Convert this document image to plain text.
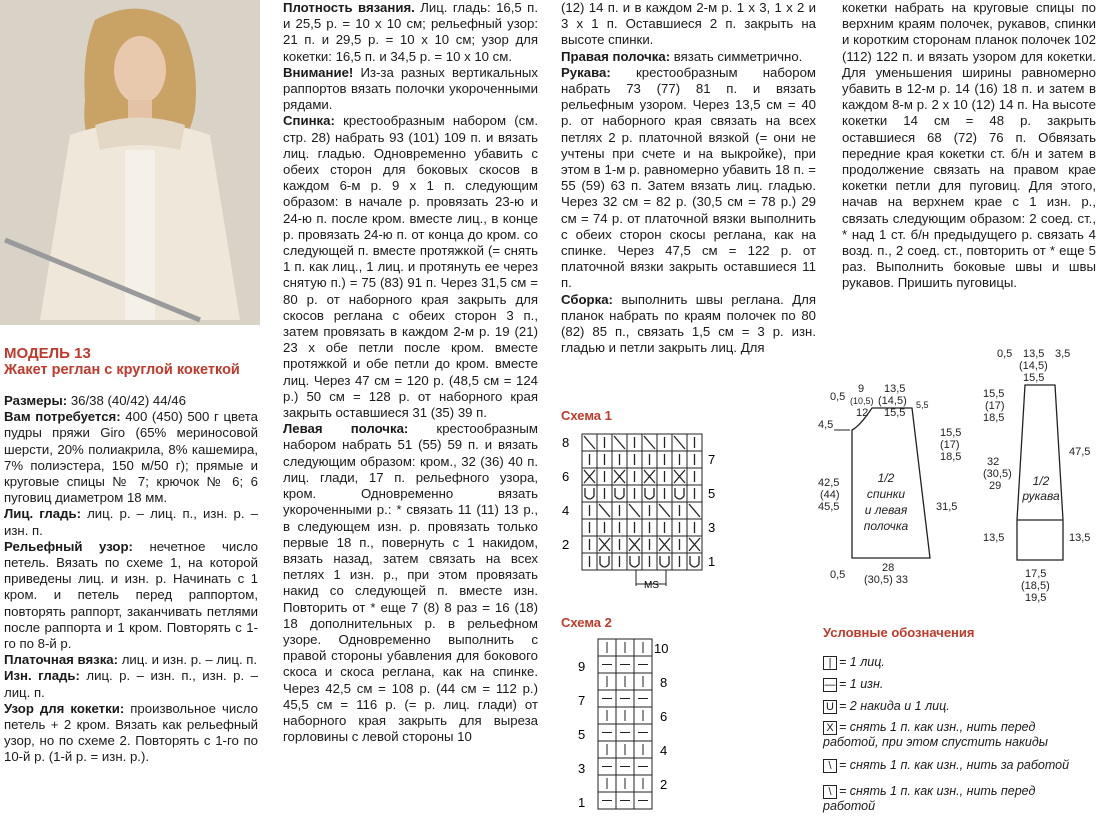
МОДЕЛЬ 13
Жакет реглан с круглой кокеткой

Размеры: 36/38 (40/42) 44/46

Вам потребуется: 400 (450) 500 г цвета пудры пряжи Giro (65% мериносовой шерсти, 20% полиакрила, 8% кашемира, 7% полиэстера, 150 м/50 г); прямые и круговые спицы № 7; крючок № 6; 6 пуговиц диаметром 18 мм.

Лиц. гладь: лиц. р. – лиц. п., изн. р. – изн. п.

Рельефный узор: нечетное число петель. Вязать по схеме 1, на которой приведены лиц. и изн. р. Начинать с 1 кром. и петель перед раппортом, повторять раппорт, заканчивать петлями после раппорта и 1 кром. Повторять с 1-го по 8-й р.

Платочная вязка: лиц. и изн. р. – лиц. п.

Изн. гладь: лиц. р. – изн. п., изн. р. – лиц. п.

Узор для кокетки: произвольное число петель + 2 кром. Вязать как рельефный узор, но по схеме 2. Повторять с 1-го по 10-й р. (1-й р. = изн. р.).

Плотность вязания. Лиц. гладь: 16,5 п. и 25,5 р. = 10 х 10 см; рельефный узор: 21 п. и 29,5 р. = 10 х 10 см; узор для кокетки: 16,5 п. и 34,5 р. = 10 х 10 см.

Внимание! Из-за разных вертикальных раппортов вязать полочки укороченными рядами.

Спинка: крестообразным набором (см. стр. 28) набрать 93 (101) 109 п. и вязать лиц. гладью. Одновременно убавить с обеих сторон для боковых скосов в каждом 6-м р. 9 х 1 п. следующим образом: в начале р. провязать 23-ю и 24-ю п. после кром. вместе лиц., в конце р. провязать 24-ю п. от конца до кром. со следующей п. вместе протяжкой (= снять 1 п. как лиц., 1 лиц. и протянуть ее через снятую п.) = 75 (83) 91 п. Через 31,5 см = 80 р. от наборного края закрыть для скосов реглана с обеих сторон 3 п., затем провязать в каждом 2-м р. 19 (21) 23 х обе петли после кром. вместе протяжкой и обе петли до кром. вместе лиц. Через 47 см = 120 р. (48,5 см = 124 р.) 50 см = 128 р. от наборного края закрыть оставшиеся 31 (35) 39 п.

Левая полочка: крестообразным набором набрать 51 (55) 59 п. и вязать следующим образом: кром., 32 (36) 40 п. лиц. глади, 17 п. рельефного узора, кром. Одновременно вязать укороченными р.: * связать 11 (11) 13 р., в следующем изн. р. провязать только первые 18 п., повернуть с 1 накидом, вязать назад, затем связать на всех петлях 1 изн. р., при этом провязать накид со следующей п. вместе изн. Повторить от * еще 7 (8) 8 раз = 16 (18) 18 дополнительных р. в рельефном узоре. Одновременно выполнить с правой стороны убавления для бокового скоса и скоса реглана, как на спинке. Через 42,5 см = 108 р. (44 см = 112 р.) 45,5 см = 116 р. (= р. лиц. глади) от наборного края закрыть для выреза горловины с левой стороны 10

(12) 14 п. и в каждом 2-м р. 1 х 3, 1 х 2 и 3 х 1 п. Оставшиеся 2 п. закрыть на высоте спинки.

Правая полочка: вязать симметрично.

Рукава: крестообразным набором набрать 73 (77) 81 п. и вязать рельефным узором. Через 13,5 см = 40 р. от наборного края связать на всех петлях 2 р. платочной вязкой (= они не учтены при счете и на выкройке), при этом в 1-м р. равномерно убавить 18 п. = 55 (59) 63 п. Затем вязать лиц. гладью. Через 32 см = 82 р. (30,5 см = 78 р.) 29 см = 74 р. от платочной вязки выполнить с обеих сторон скосы реглана, как на спинке. Через 47,5 см = 122 р. от платочной вязки закрыть оставшиеся 11 п.

Сборка: выполнить швы реглана. Для планок набрать по краям полочек по 80 (82) 85 п., связать 1,5 см = 3 р. изн. гладью и петли закрыть лиц. Для

кокетки набрать на круговые спицы по верхним краям полочек, рукавов, спинки и коротким сторонам планок полочек 102 (112) 122 п. и вязать узором для кокетки. Для уменьшения ширины равномерно убавить в 12-м р. 14 (16) 18 п. и затем в каждом 8-м р. 2 х 10 (12) 14 п. На высоте кокетки 14 см = 48 р. закрыть оставшиеся 68 (72) 76 п. Обвязать передние края кокетки ст. б/н и затем в продолжение связать на правом крае кокетки петли для пуговиц. Для этого, начав на верхнем крае с 1 изн. р., связать следующим образом: 2 соед. ст., * над 1 ст. б/н предыдущего р. связать 4 возд. п., 2 соед. ст., повторить от * еще 5 раз. Выполнить боковые швы и швы рукавов. Пришить пуговицы.

Схема 1
8
6
4
2
7
5
3
1
MS
Схема 2
9
7
5
3
1
10
8
6
4
2
0,5
9
(10,5)
12
13,5
(14,5)
15,5
5,5
4,5
42,5
(44)
45,5
15,5
(17)
18,5
31,5
28
(30,5) 33
0,5
1/2
спинки
и левая
полочка
0,5 13,5 3,5
(14,5)
15,5
15,5
(17)
18,5
32
(30,5)
29
13,5
47,5
13,5
17,5
(18,5)
19,5
1/2
рукава
Условные обозначения
| = 1 лиц.
— = 1 изн.
U = 2 накида и 1 лиц.
X = снять 1 п. как изн., нить перед работой, при этом спустить накиды
\ = снять 1 п. как изн., нить за работой
\ = снять 1 п. как изн., нить перед работой
